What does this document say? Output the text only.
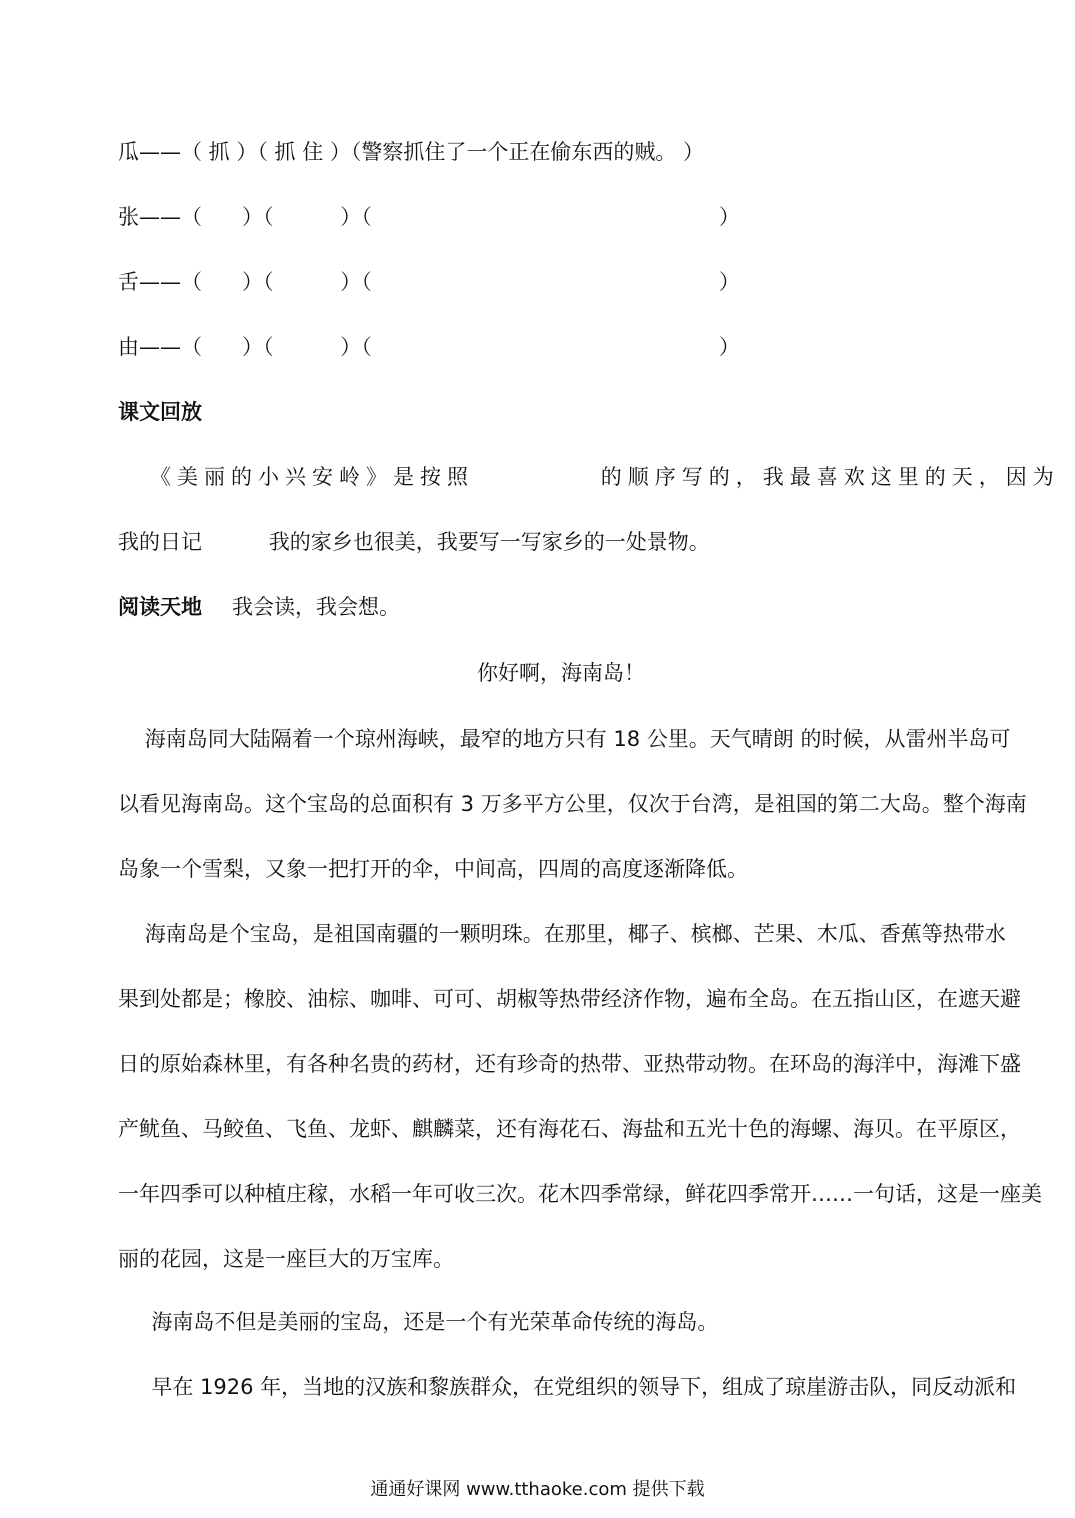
瓜——（ 抓 ）（ 抓 住 ）（警察抓住了一个正在偷东西的贼。 ）
张——（      ）（          ）（                                                    ）
舌——（      ）（          ）（                                                    ）
由——（      ）（          ）（                                                    ）
课文回放
《美丽的小兴安岭》是按照          的顺序写的，我最喜欢这里的天，因为
我的日记          我的家乡也很美，我要写一写家乡的一处景物。
阅读天地 我会读，我会想。
你好啊，海南岛！
海南岛同大陆隔着一个琼州海峡，最窄的地方只有 18 公里。天气晴朗 的时候，从雷州半岛可
以看见海南岛。这个宝岛的总面积有 3 万多平方公里，仅次于台湾，是祖国的第二大岛。整个海南
岛象一个雪梨，又象一把打开的伞，中间高，四周的高度逐渐降低。
海南岛是个宝岛，是祖国南疆的一颗明珠。在那里，椰子、槟榔、芒果、木瓜、香蕉等热带水
果到处都是；橡胶、油棕、咖啡、可可、胡椒等热带经济作物，遍布全岛。在五指山区，在遮天避
日的原始森林里，有各种名贵的药材，还有珍奇的热带、亚热带动物。在环岛的海洋中，海滩下盛
产鱿鱼、马鲛鱼、飞鱼、龙虾、麒麟菜，还有海花石、海盐和五光十色的海螺、海贝。在平原区，
一年四季可以种植庄稼，水稻一年可收三次。花木四季常绿，鲜花四季常开……一句话，这是一座美
丽的花园，这是一座巨大的万宝库。
海南岛不但是美丽的宝岛，还是一个有光荣革命传统的海岛。
早在 1926 年，当地的汉族和黎族群众，在党组织的领导下，组成了琼崖游击队，同反动派和
通通好课网 www.tthaoke.com 提供下载
